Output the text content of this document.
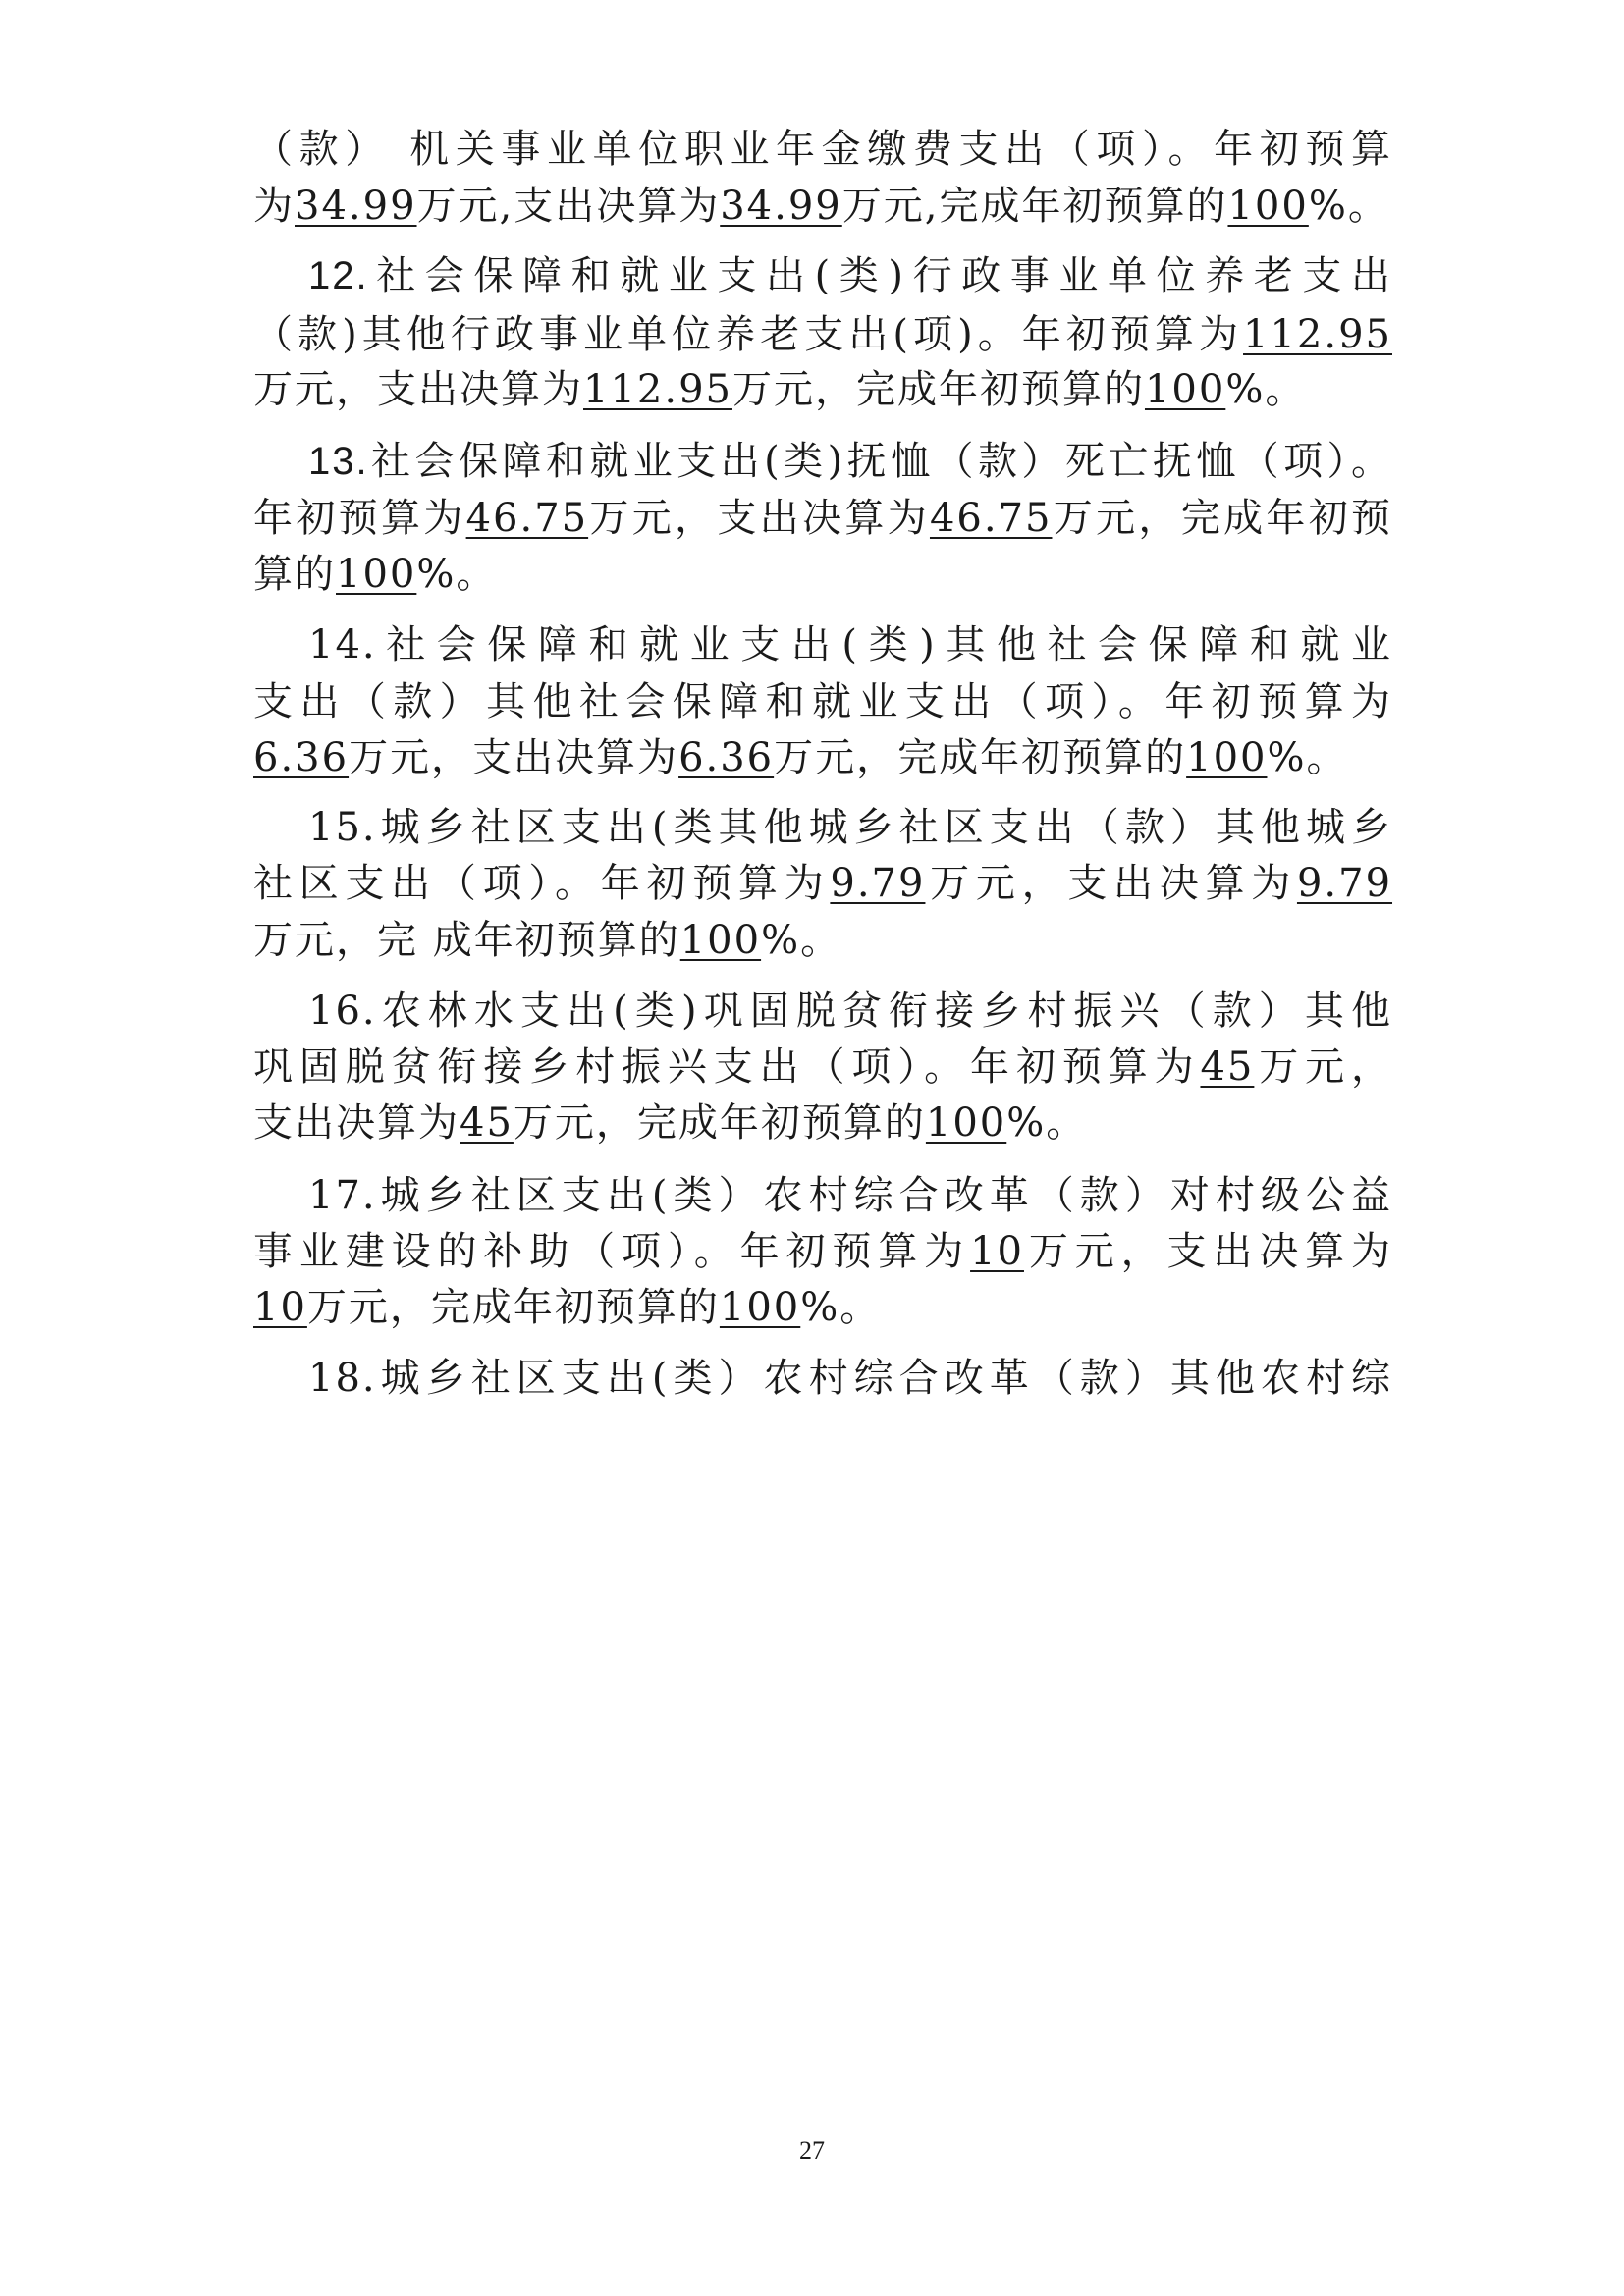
（款） 机关事业单位职业年金缴费支出（项）。年初预算
为34.99万元,支出决算为34.99万元,完成年初预算的100%。
12.社会保障和就业支出(类)行政事业单位养老支出
（款)其他行政事业单位养老支出(项)。年初预算为112.95
万元，支出决算为112.95万元，完成年初预算的100%。
13.社会保障和就业支出(类)抚恤（款）死亡抚恤（项）。
年初预算为46.75万元，支出决算为46.75万元，完成年初预
算的100%。
14.社会保障和就业支出(类)其他社会保障和就业
支出（款）其他社会保障和就业支出（项）。年初预算为
6.36万元，支出决算为6.36万元，完成年初预算的100%。
15.城乡社区支出(类其他城乡社区支出（款）其他城乡
社区支出（项）。年初预算为9.79万元，支出决算为9.79
万元，完 成年初预算的100%。
16.农林水支出(类)巩固脱贫衔接乡村振兴（款）其他
巩固脱贫衔接乡村振兴支出（项）。年初预算为45万元，
支出决算为45万元，完成年初预算的100%。
17.城乡社区支出(类）农村综合改革（款）对村级公益
事业建设的补助（项）。年初预算为10万元，支出决算为
10万元，完成年初预算的100%。
18.城乡社区支出(类）农村综合改革（款）其他农村综
27
